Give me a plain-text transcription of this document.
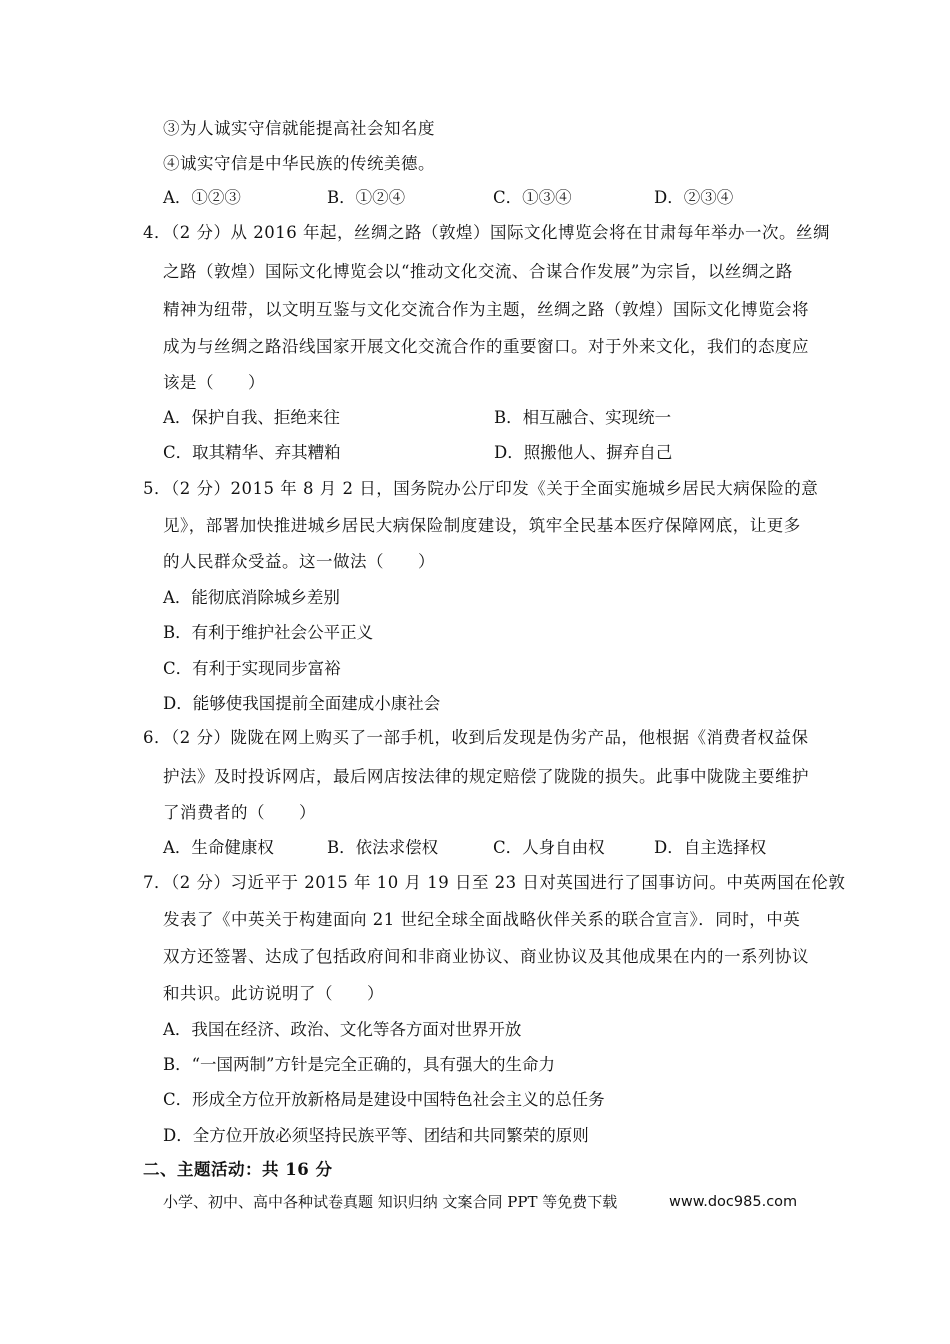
③为人诚实守信就能提高社会知名度
④诚实守信是中华民族的传统美德。
A．①②③	B．①②④	C．①③④	D．②③④
4．（2 分）从 2016 年起，丝绸之路（敦煌）国际文化博览会将在甘肃每年举办一次。丝绸
之路（敦煌）国际文化博览会以“推动文化交流、合谋合作发展”为宗旨，以丝绸之路
精神为纽带，以文明互鉴与文化交流合作为主题，丝绸之路（敦煌）国际文化博览会将
成为与丝绸之路沿线国家开展文化交流合作的重要窗口。对于外来文化，我们的态度应
该是（　　）
A．保护自我、拒绝来往	B．相互融合、实现统一
C．取其精华、弃其糟粕	D．照搬他人、摒弃自己
5．（2 分）2015 年 8 月 2 日，国务院办公厅印发《关于全面实施城乡居民大病保险的意
见》，部署加快推进城乡居民大病保险制度建设，筑牢全民基本医疗保障网底，让更多
的人民群众受益。这一做法（　　）
A．能彻底消除城乡差别
B．有利于维护社会公平正义
C．有利于实现同步富裕
D．能够使我国提前全面建成小康社会
6．（2 分）陇陇在网上购买了一部手机，收到后发现是伪劣产品，他根据《消费者权益保
护法》及时投诉网店，最后网店按法律的规定赔偿了陇陇的损失。此事中陇陇主要维护
了消费者的（　　）
A．生命健康权	B．依法求偿权	C．人身自由权	D．自主选择权
7．（2 分）习近平于 2015 年 10 月 19 日至 23 日对英国进行了国事访问。中英两国在伦敦
发表了《中英关于构建面向 21 世纪全球全面战略伙伴关系的联合宣言》．同时，中英
双方还签署、达成了包括政府间和非商业协议、商业协议及其他成果在内的一系列协议
和共识。此访说明了（　　）
A．我国在经济、政治、文化等各方面对世界开放
B．“一国两制”方针是完全正确的，具有强大的生命力
C．形成全方位开放新格局是建设中国特色社会主义的总任务
D．全方位开放必须坚持民族平等、团结和共同繁荣的原则
二、主题活动：共 16 分
小学、初中、高中各种试卷真题 知识归纳 文案合同 PPT 等免费下载	www.doc985.com
